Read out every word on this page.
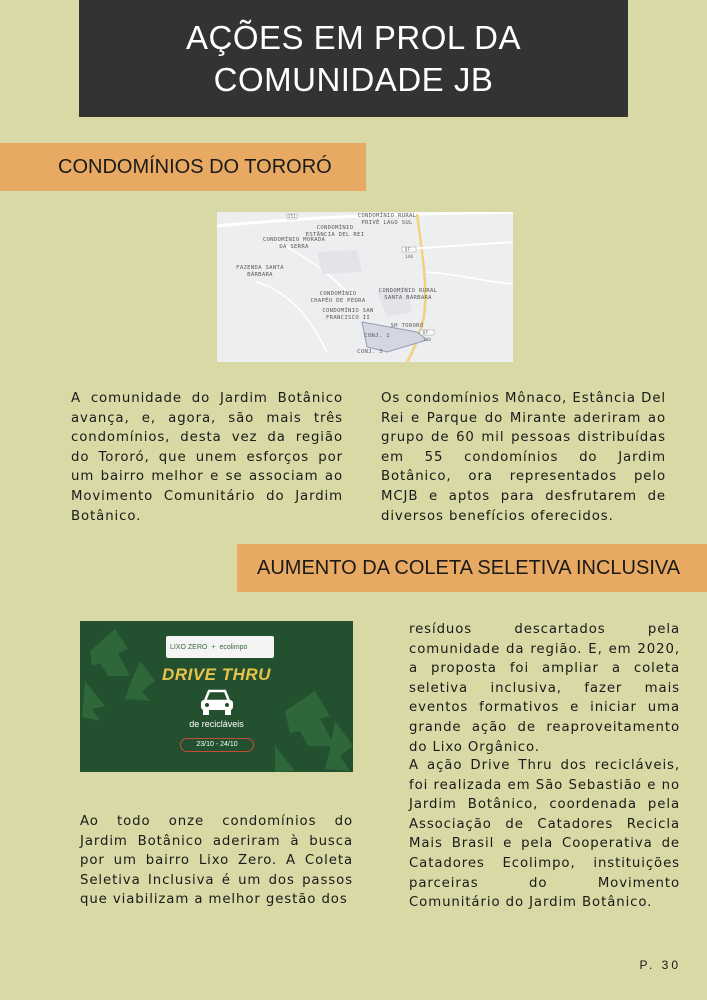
AÇÕES EM PROL DA
COMUNIDADE JB
CONDOMÍNIOS DO TORORÓ
251	CONDOMÍNIO RURAL PRIVÊ LAGO SUL
CONDOMÍNIO ESTÂNCIA DEL REI
CONDOMÍNIO MORADA DA SERRA	DF-140
FAZENDA SANTA BÁRBARA
CONDOMÍNIO CHAPÉU DE PEDRA
CONDOMÍNIO RURAL SANTA BÁRBARA
CONDOMÍNIO SAN FRANCISCO II
SH TORORÓ
CONJ. 1
DF-140
CONJ. 3

A comunidade do Jardim Botânico avança, e, agora, são mais três condomínios, desta vez da região do Tororó, que unem esforços por um bairro melhor e se associam ao Movimento Comunitário do Jardim Botânico.

Os condomínios Mônaco, Estância Del Rei e Parque do Mirante aderiram ao grupo de 60 mil pessoas distribuídas em 55 condomínios do Jardim Botânico, ora representados pelo MCJB e aptos para desfrutarem de diversos benefícios oferecidos.

AUMENTO DA COLETA SELETIVA INCLUSIVA
LIXO ZERO + ecolimpo
DRIVE THRU
de recicláveis
23/10 - 24/10

Ao todo onze condomínios do Jardim Botânico aderiram à busca por um bairro Lixo Zero. A Coleta Seletiva Inclusiva é um dos passos que viabilizam a melhor gestão dos

resíduos descartados pela comunidade da região. E, em 2020, a proposta foi ampliar a coleta seletiva inclusiva, fazer mais eventos formativos e iniciar uma grande ação de reaproveitamento do Lixo Orgânico.

A ação Drive Thru dos recicláveis, foi realizada em São Sebastião e no Jardim Botânico, coordenada pela Associação de Catadores Recicla Mais Brasil e pela Cooperativa de Catadores Ecolimpo, instituições parceiras do Movimento Comunitário do Jardim Botânico.

P. 30
